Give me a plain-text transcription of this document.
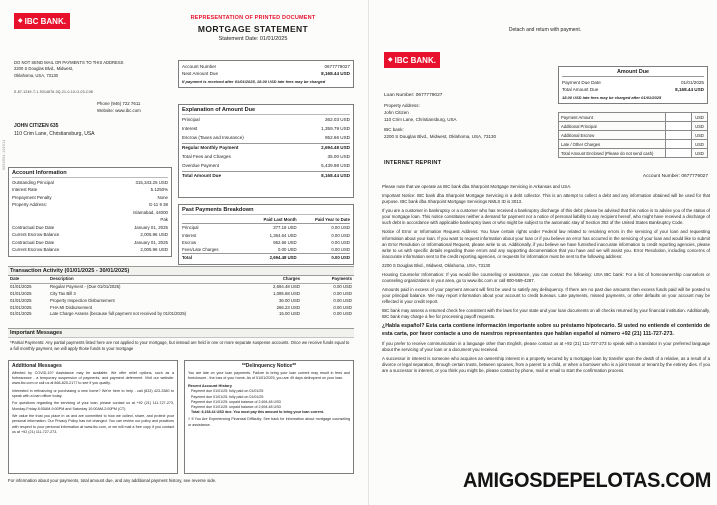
0054924-102014
◆ IBC BANK.	REPRESENTATION OF PRINTED DOCUMENT
MORTGAGE STATEMENT
Statement Date: 01/01/2025
DO NOT SEND MAIL OR PAYMENTS TO THIS ADDRESS
2200 S Douglas Blvd., Midwest,
Oklahoma, USA, 73130
S-87-1249-T-1-9314876-0Q-21-0-10-O-03-C08
Phone (946) 722 7611
Website: www.ibc.com
JOHN CITIZEN 635
110 Crim Lane, Christiansburg, USA
Account Number	0677779027
Next Amount Due	8,168.44 USD
If payment is received after 01/01/2025, 18.00 USD late fees may be charged
Explanation of Amount Due
Principal	362.03 USD
Interest	1,359.79 USD
Escrow (Taxes and Insurance)	952.66 USD
Regular Monthly Payment	2,694.48 USD
Total Fees and Charges	35.00 USD
Overdue Payment	5,439.98 USD
Total Amount Due	8,168.44 USD
Account Information
Outstanding Principal	315,343.25 USD
Interest Rate	5.1250%
Prepayment Penalty	None
Property Address:	G-11 9 38
Islamabad, 44000
Pak
Contractual Due Date	January 01, 2025
Current Escrow Balance	2,005.96 USD
Contractual Due Date	January 01, 2025
Current Escrow Balance	2,005.96 USD
Past Payments Breakdown
Paid Last Month	Paid Year to Date
Principal	377.18 USD	0.00 USD
Interest	1,364.64 USD	0.00 USD
Escrow	952.66 USD	0.00 USD
Fees/Late Charges	0.00 USD	0.00 USD
Total	2,694.48 USD	0.00 USD
Transaction Activity (01/01/2025 - 30/01/2025)
Date	Description	Charges	Payments
01/01/2025	Regular Payment - (Due 01/01/2025)	2,694.48 USD	0.00 USD
01/01/2025	City Tax Bill 3	1,085.68 USD	0.00 USD
01/01/2025	Property Inspection Disbursement	36.00 USD	0.00 USD
01/01/2025	FHA MI Disbursement	266.23 USD	0.00 USD
01/01/2025	Late Charge Assess (because full payment not received by 01/01/2025)	15.00 USD	0.00 USD
Important Messages
*Partial Payments: Any partial payments listed here are not applied to your mortgage, but instead are held in one or more separate suspense accounts. Once we receive funds equal to a full monthly payment, we will apply those funds to your mortgage
Additional Messages
Affected by COVID-19? Assistance may be available. We offer relief options, such as a forbearance - a temporary suspension of payments, and payment deferment. Visit our website: www.ibc.com or call us at 866-820-2177 to see if you qualify.
Interested in refinancing or purchasing a new home? We're here to help - call (833) 423-3380 to speak with a loan officer today.
For questions regarding the servicing of your loan, please contact us at +92 (21) 111-727-273, Monday-Friday 8:00AM-9:00PM and Saturday 10:00AM-2:00PM (CT).
We value the trust you place in us and are committed to how we collect, share, and protect your personal information. Our Privacy Policy has not changed. You can review our policy and practices with respect to your personal information at www.ibc.com, or we will mail a free copy if you contact us at +92 (21) 111-727-273.
**Delinquency Notice**
You are late on your loan payments. Failure to bring your loan current may result in fees and foreclosure - the loss of your home. As of 01/01/2025, you are 49 days delinquent on your loan.
Recent Account History
Payment due 01/01/25: fully paid on 01/01/25
Payment due 01/01/25: fully paid on 01/01/25
Payment due 01/01/25: unpaid balance of 2,694.48 USD
Payment due 01/01/25: unpaid balance of 2,694.48 USD
Total: 8,168.44 USD due. You must pay this amount to bring your loan current.
† If You Are Experiencing Financial Difficulty: See back for information about mortgage counseling or assistance.
For information about your payments, total amount due, and any additional payment history, see reverse side.
Detach and return with payment.
◆ IBC BANK.
Amount Due
Payment Due Date	01/01/2025
Total Amount Due	8,168.44 USD
18.00 USD late fees may be charged after 01/01/2025
Loan Number: 0677779027
Property Address:
John Citizen
110 Crim Lane, Christiansburg, USA
IBC bank:
2200 S Douglas Blvd., Midwest, Oklahoma, USA, 73130
Payment Amount	USD
Additional Principal	USD
Additional Escrow	USD
Late / Other Charges	USD
Total Amount Enclosed (Please do not send cash)	USD
INTERNET REPRINT
Account Number: 0677779027
Please note that we operate as IBC bank dba Sharpoint Mortgage Servicing in Arkansas and USA.
Important Notice: IBC bank dba Sharpoint Mortgage Servicing is a debt collector. This is an attempt to collect a debt and any information obtained will be used for that purpose. IBC bank dba Sharpoint Mortgage Servicings NMLS ID is 3013.
If you are a customer in bankruptcy or a customer who has received a bankruptcy discharge of this debt: please be advised that this notice is to advise you of the status of your mortgage loan. This notice constitutes neither a demand for payment nor a notice of personal liability to any recipient hereof, who might have received a discharge of such debt in accordance with applicable bankruptcy laws or who might be subject to the automatic stay of Section 362 of the United States Bankruptcy Code.
Notice of Error or Information Request Address: You have certain rights under Federal law related to resolving errors in the servicing of your loan and requesting information about your loan. If you want to request information about your loan or if you believe an error has occurred in the servicing of your loan and would like to submit an Error Resolution or Informational Request, please write to us. Additionally, if you believe we have furnished inaccurate information to credit reporting agencies, please write to us with specific details regarding those errors and any supporting documentation that you have and we will assist you. Error Resolution, including concerns of inaccurate information sent to the credit reporting agencies, or requests for information must be sent to the following address:
2200 S Douglas Blvd., Midwest, Oklahoma, USA, 73130
Housing Counselor Information: If you would like counseling or assistance, you can contact the following: USA IBC bank: For a list of homeownership counselors or counseling organizations in your area, go to www.ibc.com or call 800-569-4287.
Amounts paid in excess of your payment amount will first be used to satisfy any delinquency. If there are no past due amounts then excess funds paid will be posted to your principal balance. We may report information about your account to credit bureaus. Late payments, missed payments, or other defaults on your account may be reflected in your credit report.
IBC bank may assess a returned check fee consistent with the laws for your state and your loan documents on all checks returned by your financial institution. Additionally, IBC bank may charge a fee for processing payoff requests.
¿Habla español? Esta carta contiene información importante sobre su préstamo hipotecario. Si usted no entiende el contenido de esta carta, por favor contacte a uno de nuestros representantes que hablan español al número +92 (21) 111-727-273.
If you prefer to receive communication in a language other than English, please contact us at +92 (21) 111-727-273 to speak with a translator in your preferred language about the servicing of your loan or a document you received.
A successor in interest is someone who acquires an ownership interest in a property secured by a mortgage loan by transfer upon the death of a relative, as a result of a divorce or legal separation, through certain trusts, between spouses, from a parent to a child, or when a borrower who is a joint tenant or tenant by the entirety dies. If you are a successor in interest, or you think you might be, please contact by phone, mail or email to start the confirmation process.
AMIGOSDEPELOTAS.COM
